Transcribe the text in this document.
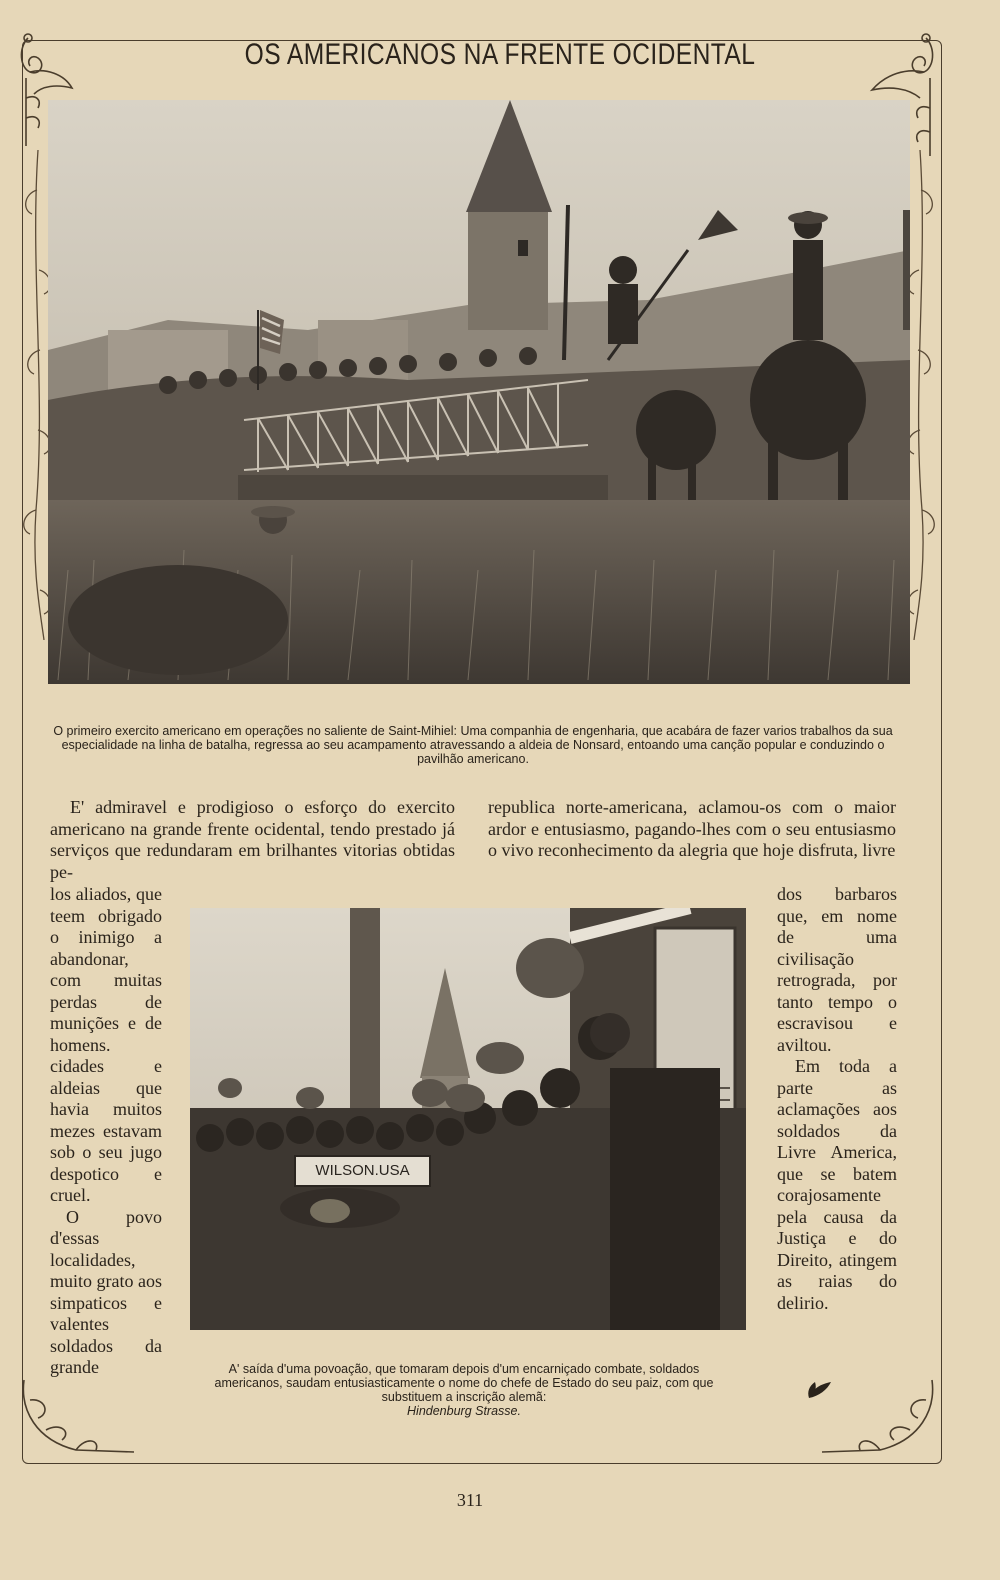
OS AMERICANOS NA FRENTE OCIDENTAL
O primeiro exercito americano em operações no saliente de Saint-Mihiel: Uma companhia de engenharia, que acabára de fazer varios trabalhos da sua especialidade na linha de batalha, regressa ao seu acampamento atravessando a aldeia de Nonsard, entoando uma canção popular e conduzindo o pavilhão americano.
E' admiravel e prodigioso o esforço do exercito americano na grande frente ocidental, tendo prestado já serviços que redundaram em brilhantes vitorias obtidas pe-
republica norte-americana, aclamou-os com o maior ardor e entusiasmo, pagando-lhes com o seu entusiasmo o vivo reconhecimento da alegria que hoje disfruta, livre
los aliados, que teem obrigado o inimigo a abandonar, com muitas perdas de munições e de homens. cidades e aldeias que havia muitos mezes estavam sob o seu jugo despotico e cruel.
O povo d'essas localidades, muito grato aos simpaticos e valentes soldados da grande
dos barbaros que, em nome de uma civilisação retrograda, por tanto tempo o escravisou e aviltou.
Em toda a parte as aclamações aos soldados da Livre America, que se batem corajosamente pela causa da Justiça e do Direito, atingem as raias do delirio.
WILSON.USA
A' saída d'uma povoação, que tomaram depois d'um encarniçado combate, soldados americanos, saudam entusiasticamente o nome do chefe de Estado do seu paiz, com que substituem a inscrição alemã:
Hindenburg Strasse.
311
